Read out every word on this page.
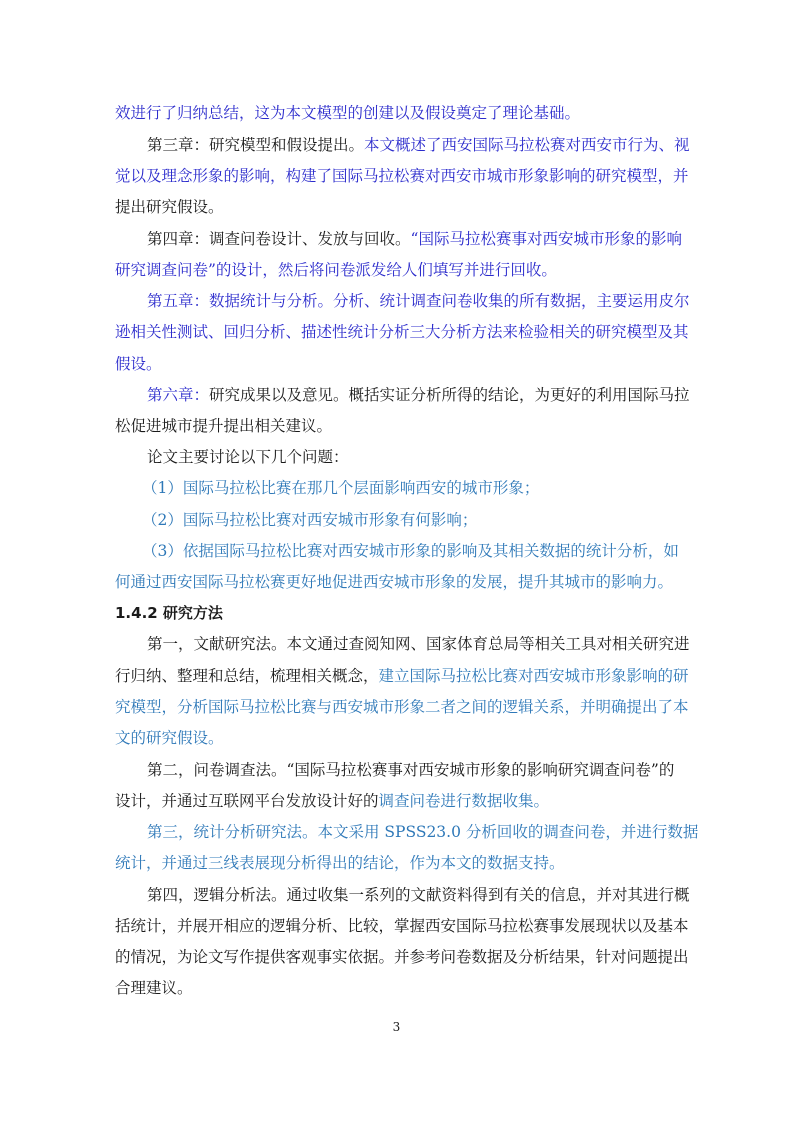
效进行了归纳总结，这为本文模型的创建以及假设奠定了理论基础。
第三章：研究模型和假设提出。本文概述了西安国际马拉松赛对西安市行为、视
觉以及理念形象的影响，构建了国际马拉松赛对西安市城市形象影响的研究模型，并
提出研究假设。
第四章：调查问卷设计、发放与回收。“国际马拉松赛事对西安城市形象的影响
研究调查问卷”的设计，然后将问卷派发给人们填写并进行回收。
第五章：数据统计与分析。分析、统计调查问卷收集的所有数据，主要运用皮尔
逊相关性测试、回归分析、描述性统计分析三大分析方法来检验相关的研究模型及其
假设。
第六章：研究成果以及意见。概括实证分析所得的结论，为更好的利用国际马拉
松促进城市提升提出相关建议。
论文主要讨论以下几个问题：
（1）国际马拉松比赛在那几个层面影响西安的城市形象；
（2）国际马拉松比赛对西安城市形象有何影响；
（3）依据国际马拉松比赛对西安城市形象的影响及其相关数据的统计分析，如
何通过西安国际马拉松赛更好地促进西安城市形象的发展，提升其城市的影响力。
1.4.2 研究方法
第一，文献研究法。本文通过查阅知网、国家体育总局等相关工具对相关研究进
行归纳、整理和总结，梳理相关概念，建立国际马拉松比赛对西安城市形象影响的研
究模型，分析国际马拉松比赛与西安城市形象二者之间的逻辑关系，并明确提出了本
文的研究假设。
第二，问卷调查法。“国际马拉松赛事对西安城市形象的影响研究调查问卷”的
设计，并通过互联网平台发放设计好的调查问卷进行数据收集。
第三，统计分析研究法。本文采用 SPSS23.0 分析回收的调查问卷，并进行数据
统计，并通过三线表展现分析得出的结论，作为本文的数据支持。
第四，逻辑分析法。通过收集一系列的文献资料得到有关的信息，并对其进行概
括统计，并展开相应的逻辑分析、比较，掌握西安国际马拉松赛事发展现状以及基本
的情况，为论文写作提供客观事实依据。并参考问卷数据及分析结果，针对问题提出
合理建议。
3
